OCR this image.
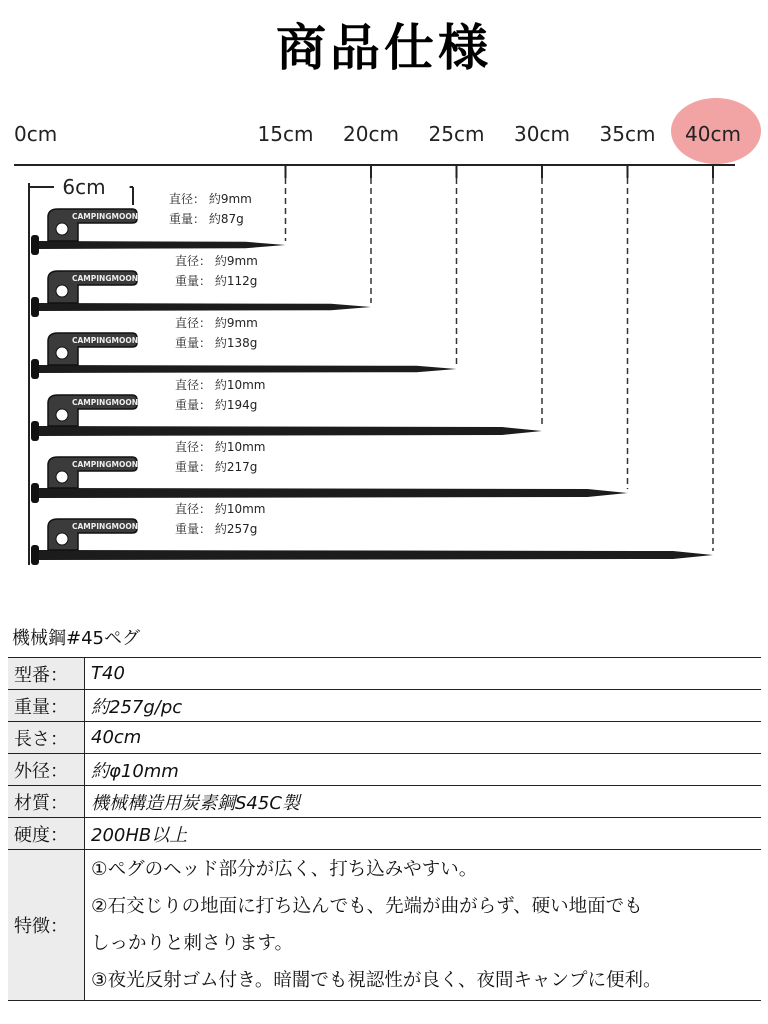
商品仕様
0cm	15cm 20cm 25cm 30cm 35cm 40cm
6cm
CAMPINGMOON
直径： 約9mm
重量： 約87g
CAMPINGMOON
直径： 約9mm
重量： 約112g
CAMPINGMOON
直径： 約9mm
重量： 約138g
CAMPINGMOON
直径： 約10mm
重量： 約194g
CAMPINGMOON
直径： 約10mm
重量： 約217g
CAMPINGMOON
直径： 約10mm
重量： 約257g
機械鋼#45ペグ
型番：	T40
重量：	約257g/pc
長さ：	40cm
外径：	約φ10mm
材質：	機械構造用炭素鋼S45C製
硬度：	200HB以上
特徴：	①ペグのヘッド部分が広く、打ち込みやすい。
②石交じりの地面に打ち込んでも、先端が曲がらず、硬い地面でも
しっかりと刺さります。
③夜光反射ゴム付き。暗闇でも視認性が良く、夜間キャンプに便利。
